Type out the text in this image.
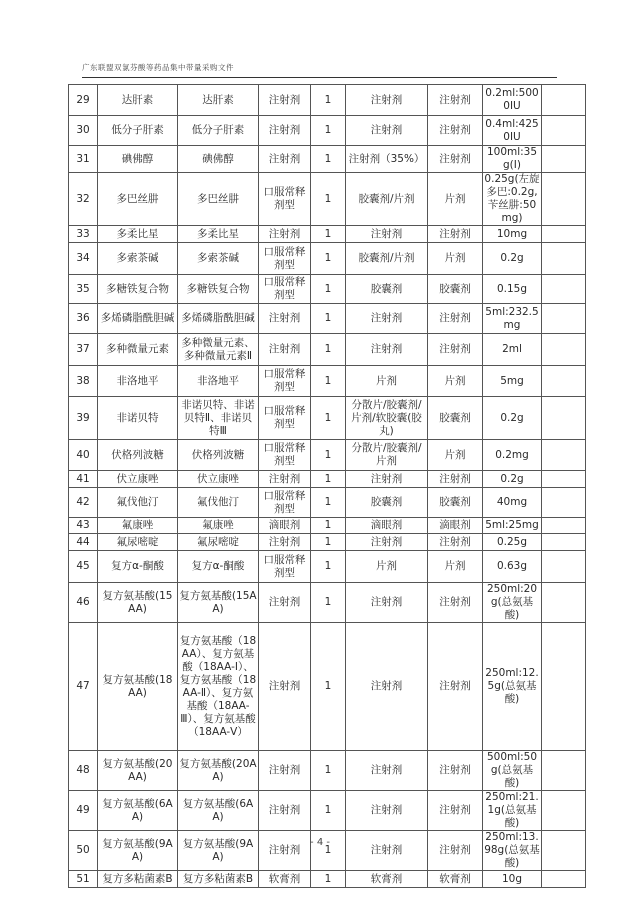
广东联盟双氯芬酸等药品集中带量采购文件
29	达肝素	达肝素	注射剂	1	注射剂	注射剂	0.2ml:5000IU	
30	低分子肝素	低分子肝素	注射剂	1	注射剂	注射剂	0.4ml:4250IU	
31	碘佛醇	碘佛醇	注射剂	1	注射剂（35%）	注射剂	100ml:35g(I)	
32	多巴丝肼	多巴丝肼	口服常释剂型	1	胶囊剂/片剂	片剂	0.25g(左旋多巴:0.2g,苄丝肼:50mg)	
33	多柔比星	多柔比星	注射剂	1	注射剂	注射剂	10mg	
34	多索茶碱	多索茶碱	口服常释剂型	1	胶囊剂/片剂	片剂	0.2g	
35	多糖铁复合物	多糖铁复合物	口服常释剂型	1	胶囊剂	胶囊剂	0.15g	
36	多烯磷脂酰胆碱	多烯磷脂酰胆碱	注射剂	1	注射剂	注射剂	5ml:232.5mg	
37	多种微量元素	多种微量元素、多种微量元素Ⅱ	注射剂	1	注射剂	注射剂	2ml	
38	非洛地平	非洛地平	口服常释剂型	1	片剂	片剂	5mg	
39	非诺贝特	非诺贝特、非诺贝特Ⅱ、非诺贝特Ⅲ	口服常释剂型	1	分散片/胶囊剂/片剂/软胶囊(胶丸)	胶囊剂	0.2g	
40	伏格列波糖	伏格列波糖	口服常释剂型	1	分散片/胶囊剂/片剂	片剂	0.2mg	
41	伏立康唑	伏立康唑	注射剂	1	注射剂	注射剂	0.2g	
42	氟伐他汀	氟伐他汀	口服常释剂型	1	胶囊剂	胶囊剂	40mg	
43	氟康唑	氟康唑	滴眼剂	1	滴眼剂	滴眼剂	5ml:25mg	
44	氟尿嘧啶	氟尿嘧啶	注射剂	1	注射剂	注射剂	0.25g	
45	复方α-酮酸	复方α-酮酸	口服常释剂型	1	片剂	片剂	0.63g	
46	复方氨基酸(15AA)	复方氨基酸(15AA)	注射剂	1	注射剂	注射剂	250ml:20g(总氨基酸)	
47	复方氨基酸(18AA)	复方氨基酸（18AA）、复方氨基酸（18AA-Ⅰ）、复方氨基酸（18AA-Ⅱ）、复方氨基酸（18AA-Ⅲ）、复方氨基酸（18AA-Ⅴ）	注射剂	1	注射剂	注射剂	250ml:12.5g(总氨基酸)	
48	复方氨基酸(20AA)	复方氨基酸(20AA)	注射剂	1	注射剂	注射剂	500ml:50g(总氨基酸)	
49	复方氨基酸(6AA)	复方氨基酸(6AA)	注射剂	1	注射剂	注射剂	250ml:21.1g(总氨基酸)	
50	复方氨基酸(9AA)	复方氨基酸(9AA)	注射剂	1	注射剂	注射剂	250ml:13.98g(总氨基酸)	
51	复方多粘菌素B	复方多粘菌素B	软膏剂	1	软膏剂	软膏剂	10g	
- 4 -
